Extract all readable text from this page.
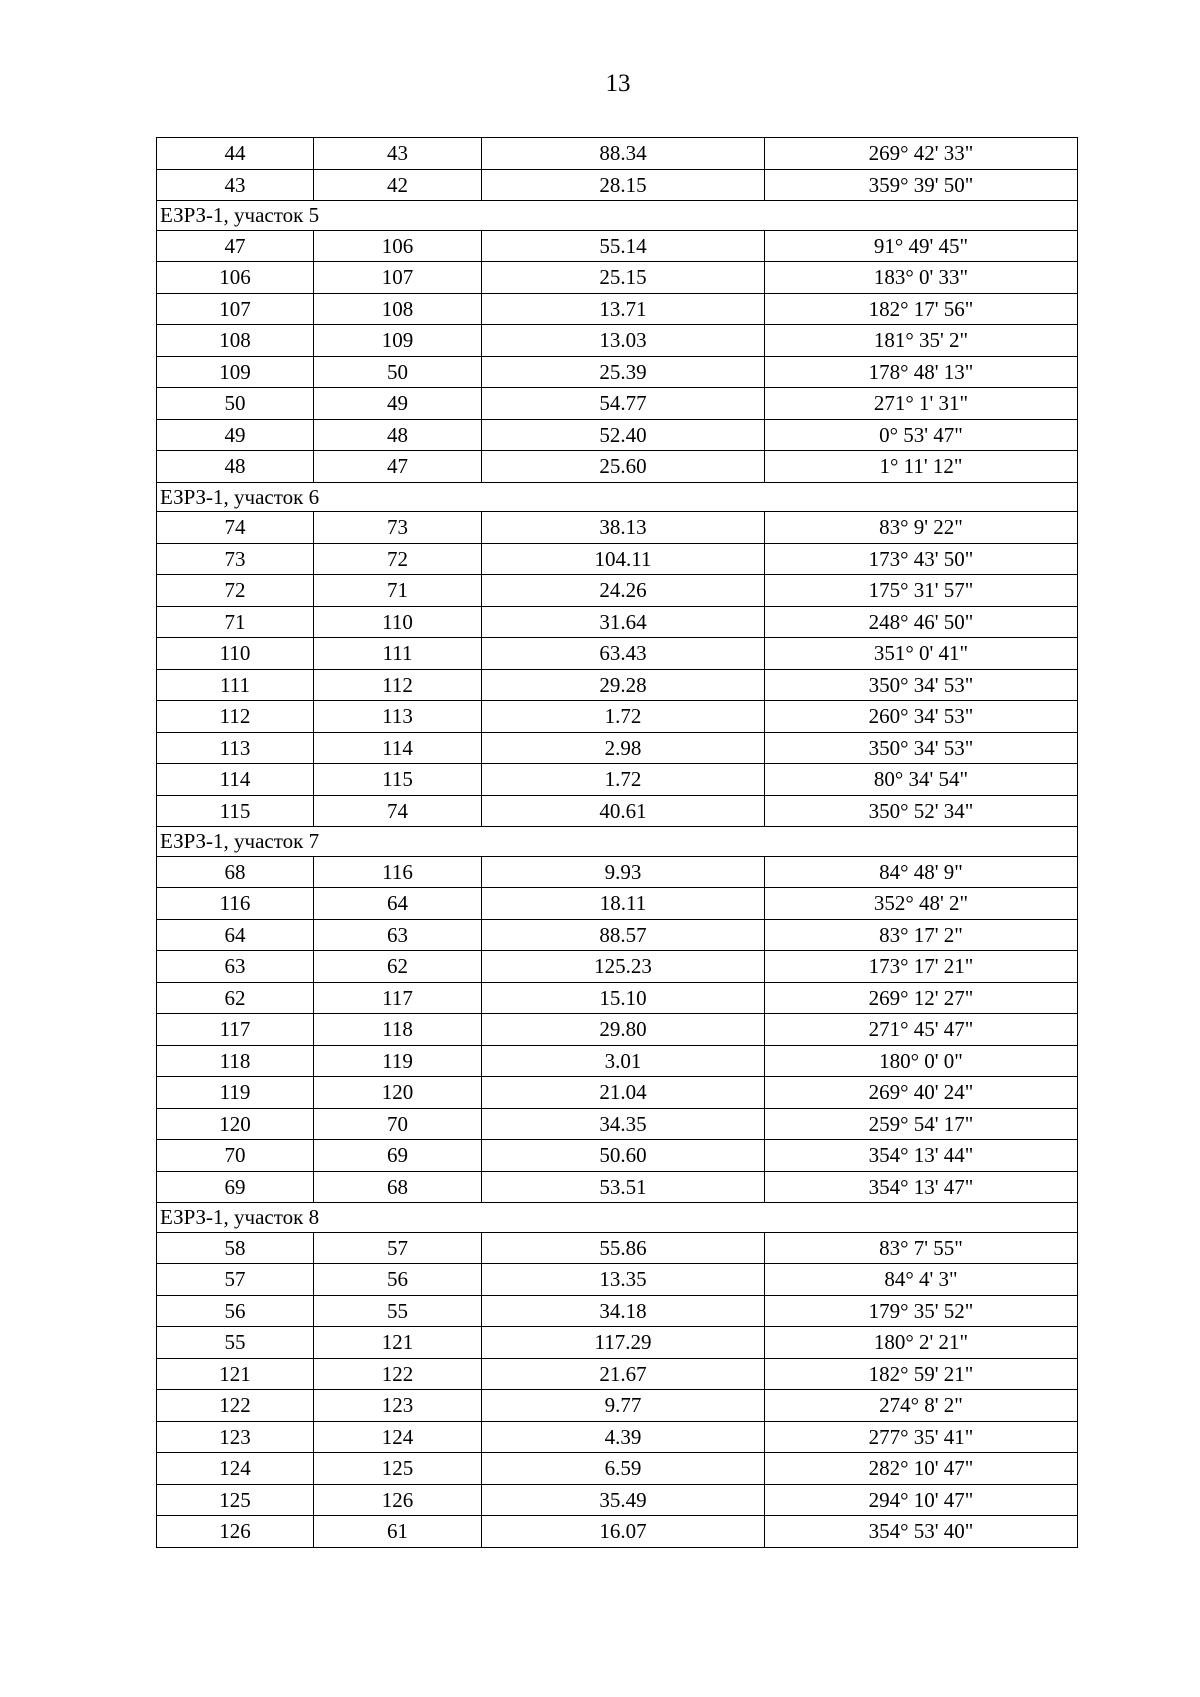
13
44	43	88.34	269° 42' 33"
43	42	28.15	359° 39' 50"
ЕЗРЗ-1, участок 5			
47	106	55.14	91° 49' 45"
106	107	25.15	183° 0' 33"
107	108	13.71	182° 17' 56"
108	109	13.03	181° 35' 2"
109	50	25.39	178° 48' 13"
50	49	54.77	271° 1' 31"
49	48	52.40	0° 53' 47"
48	47	25.60	1° 11' 12"
ЕЗРЗ-1, участок 6			
74	73	38.13	83° 9' 22"
73	72	104.11	173° 43' 50"
72	71	24.26	175° 31' 57"
71	110	31.64	248° 46' 50"
110	111	63.43	351° 0' 41"
111	112	29.28	350° 34' 53"
112	113	1.72	260° 34' 53"
113	114	2.98	350° 34' 53"
114	115	1.72	80° 34' 54"
115	74	40.61	350° 52' 34"
ЕЗРЗ-1, участок 7			
68	116	9.93	84° 48' 9"
116	64	18.11	352° 48' 2"
64	63	88.57	83° 17' 2"
63	62	125.23	173° 17' 21"
62	117	15.10	269° 12' 27"
117	118	29.80	271° 45' 47"
118	119	3.01	180° 0' 0"
119	120	21.04	269° 40' 24"
120	70	34.35	259° 54' 17"
70	69	50.60	354° 13' 44"
69	68	53.51	354° 13' 47"
ЕЗРЗ-1, участок 8			
58	57	55.86	83° 7' 55"
57	56	13.35	84° 4' 3"
56	55	34.18	179° 35' 52"
55	121	117.29	180° 2' 21"
121	122	21.67	182° 59' 21"
122	123	9.77	274° 8' 2"
123	124	4.39	277° 35' 41"
124	125	6.59	282° 10' 47"
125	126	35.49	294° 10' 47"
126	61	16.07	354° 53' 40"
